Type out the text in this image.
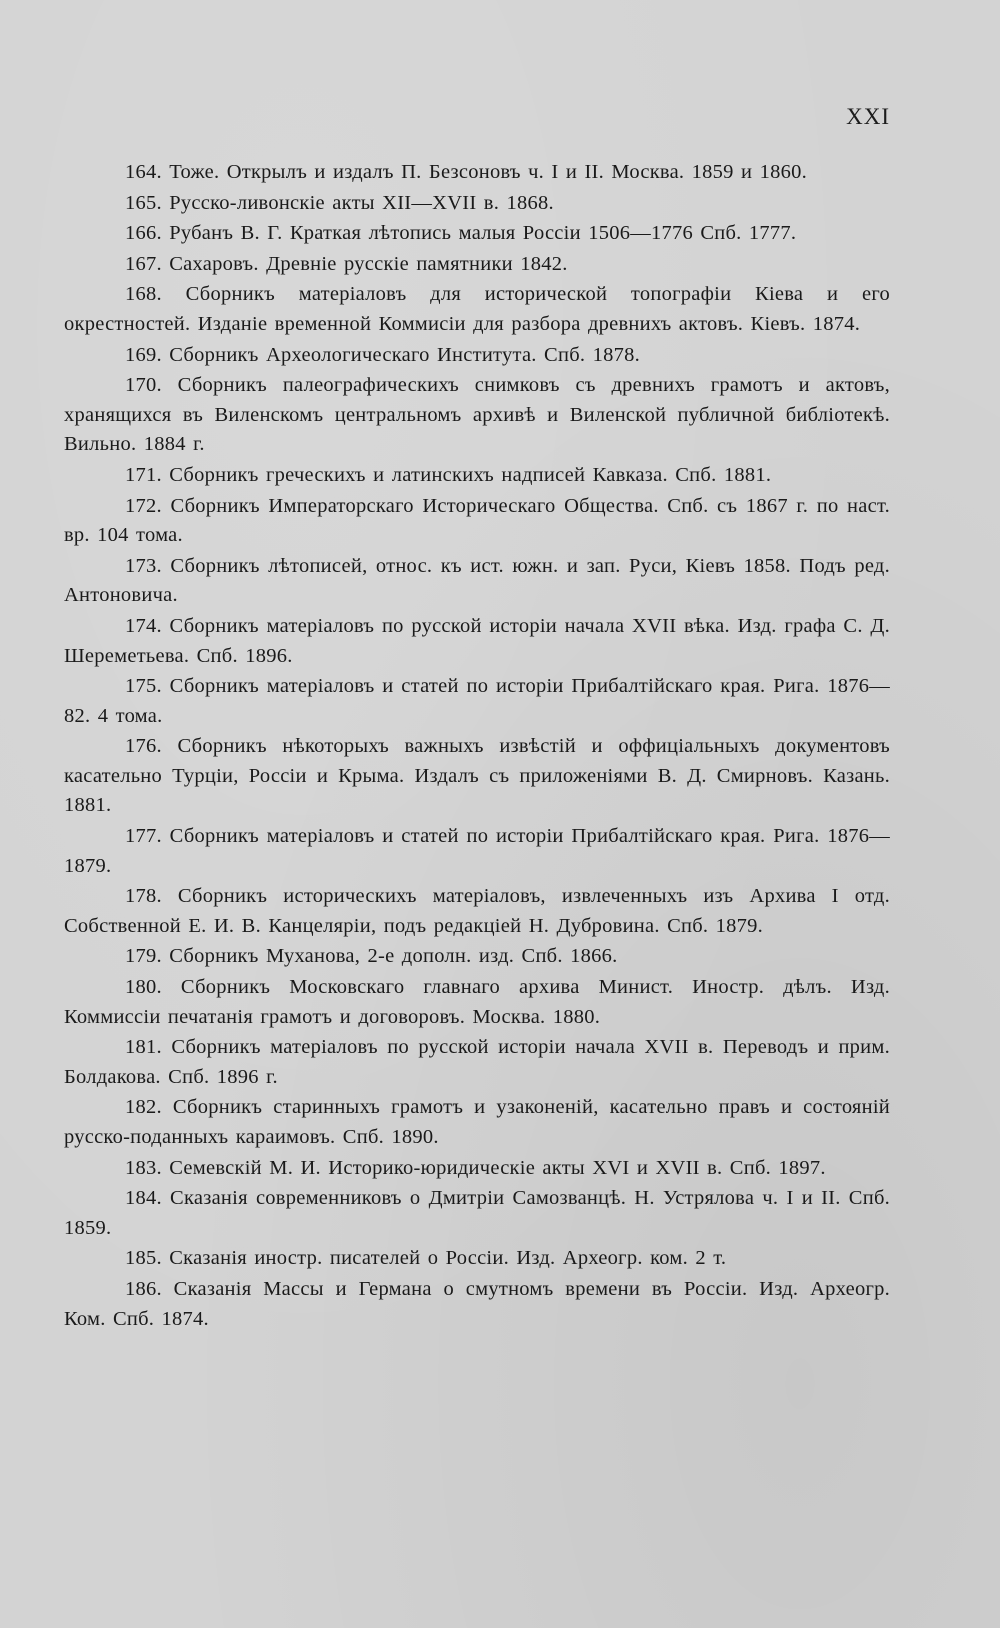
XXI

164. Тоже. Открылъ и издалъ П. Безсоновъ ч. I и II. Москва. 1859 и 1860.

165. Русско-ливонскіе акты XII—XVII в. 1868.

166. Рубанъ В. Г. Краткая лѣтопись малыя Россіи 1506—1776 Спб. 1777.

167. Сахаровъ. Древніе русскіе памятники 1842.

168. Сборникъ матеріаловъ для исторической топографіи Кіева и его окрестностей. Изданіе временной Коммисіи для разбора древнихъ актовъ. Кіевъ. 1874.

169. Сборникъ Археологическаго Института. Спб. 1878.

170. Сборникъ палеографическихъ снимковъ съ древнихъ грамотъ и актовъ, хранящихся въ Виленскомъ центральномъ архивѣ и Виленской публичной библіотекѣ. Вильно. 1884 г.

171. Сборникъ греческихъ и латинскихъ надписей Кавказа. Спб. 1881.

172. Сборникъ Императорскаго Историческаго Общества. Спб. съ 1867 г. по наст. вр. 104 тома.

173. Сборникъ лѣтописей, относ. къ ист. южн. и зап. Руси, Кіевъ 1858. Подъ ред. Антоновича.

174. Сборникъ матеріаловъ по русской исторіи начала XVII вѣка. Изд. графа С. Д. Шереметьева. Спб. 1896.

175. Сборникъ матеріаловъ и статей по исторіи Прибалтійскаго края. Рига. 1876—82. 4 тома.

176. Сборникъ нѣкоторыхъ важныхъ извѣстій и оффиціальныхъ документовъ касательно Турціи, Россіи и Крыма. Издалъ съ приложеніями В. Д. Смирновъ. Казань. 1881.

177. Сборникъ матеріаловъ и статей по исторіи Прибалтійскаго края. Рига. 1876—1879.

178. Сборникъ историческихъ матеріаловъ, извлеченныхъ изъ Архива I отд. Собственной Е. И. В. Канцеляріи, подъ редакціей Н. Дубровина. Спб. 1879.

179. Сборникъ Муханова, 2-е дополн. изд. Спб. 1866.

180. Сборникъ Московскаго главнаго архива Минист. Иностр. дѣлъ. Изд. Коммиссіи печатанія грамотъ и договоровъ. Москва. 1880.

181. Сборникъ матеріаловъ по русской исторіи начала XVII в. Переводъ и прим. Болдакова. Спб. 1896 г.

182. Сборникъ старинныхъ грамотъ и узаконеній, касательно правъ и состояній русско-поданныхъ караимовъ. Спб. 1890.

183. Семевскій М. И. Историко-юридическіе акты XVI и XVII в. Спб. 1897.

184. Сказанія современниковъ о Дмитріи Самозванцѣ. Н. Устрялова ч. I и II. Спб. 1859.

185. Сказанія иностр. писателей о Россіи. Изд. Археогр. ком. 2 т.

186. Сказанія Массы и Германа о смутномъ времени въ Россіи. Изд. Археогр. Ком. Спб. 1874.
